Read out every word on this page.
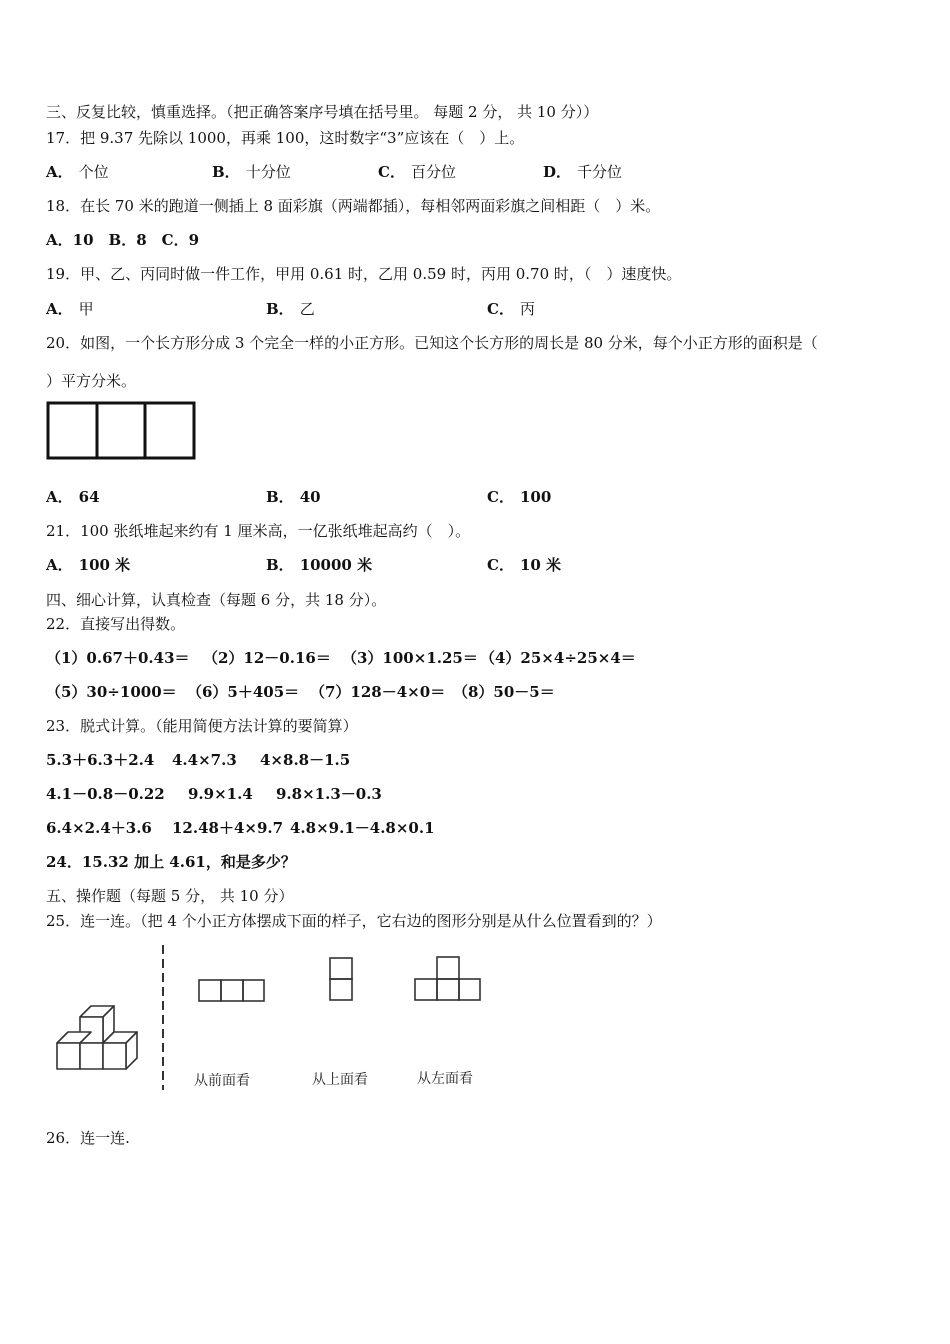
三、反复比较，慎重选择。（把正确答案序号填在括号里。 每题 2 分， 共 10 分））
17．把 9.37 先除以 1000，再乘 100，这时数字“3”应该在（　）上。
A． 个位	B． 十分位	C． 百分位	D． 千分位
18．在长 70 米的跑道一侧插上 8 面彩旗（两端都插），每相邻两面彩旗之间相距（　）米。
A．10　B．8　C．9
19．甲、乙、丙同时做一件工作，甲用 0.61 时，乙用 0.59 时，丙用 0.70 时，（　）速度快。
A． 甲	B． 乙	C． 丙
20．如图，一个长方形分成 3 个完全一样的小正方形。已知这个长方形的周长是 80 分米，每个小正方形的面积是（
）平方分米。
A． 64	B． 40	C． 100
21．100 张纸堆起来约有 1 厘米高，一亿张纸堆起高约（　）。
A． 100 米	B． 10000 米	C． 10 米
四、细心计算，认真检查（每题 6 分，共 18 分）。
22．直接写出得数。
（1）0.67＋0.43＝ （2）12－0.16＝ （3）100×1.25＝ （4）25×4÷25×4＝
（5）30÷1000＝ （6）5＋405＝ （7）128－4×0＝ （8）50－5＝
23．脱式计算。（能用简便方法计算的要简算）
5.3＋6.3＋2.4 4.4×7.3 4×8.8－1.5
4.1－0.8－0.22 9.9×1.4 9.8×1.3－0.3
6.4×2.4＋3.6 12.48＋4×9.7 4.8×9.1－4.8×0.1
24．15.32 加上 4.61，和是多少？
五、操作题（每题 5 分， 共 10 分）
25．连一连。（把 4 个小正方体摆成下面的样子，它右边的图形分别是从什么位置看到的？）
从前面看	从上面看	从左面看
26．连一连.
